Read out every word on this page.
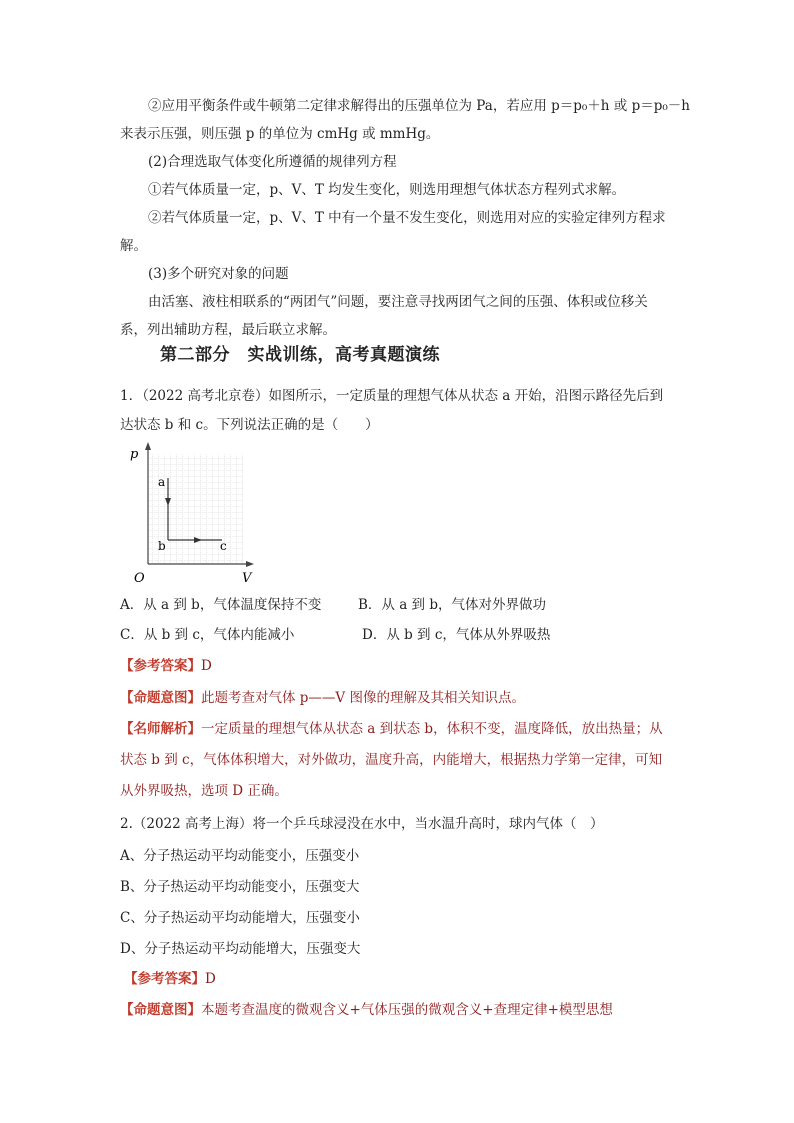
②应用平衡条件或牛顿第二定律求解得出的压强单位为 Pa，若应用 p＝p₀＋h 或 p＝p₀－h
来表示压强，则压强 p 的单位为 cmHg 或 mmHg。
(2)合理选取气体变化所遵循的规律列方程
①若气体质量一定，p、V、T 均发生变化，则选用理想气体状态方程列式求解。
②若气体质量一定，p、V、T 中有一个量不发生变化，则选用对应的实验定律列方程求
解。
(3)多个研究对象的问题
由活塞、液柱相联系的“两团气”问题，要注意寻找两团气之间的压强、体积或位移关
系，列出辅助方程，最后联立求解。
第二部分　实战训练，高考真题演练
1．（2022 高考北京卷）如图所示，一定质量的理想气体从状态 a 开始，沿图示路径先后到
达状态 b 和 c。下列说法正确的是（　　）
p
V
O
a
b	c
A．从 a 到 b，气体温度保持不变	B．从 a 到 b，气体对外界做功
C．从 b 到 c，气体内能减小	D．从 b 到 c，气体从外界吸热
【参考答案】D
【命题意图】此题考查对气体 p——V 图像的理解及其相关知识点。
【名师解析】一定质量的理想气体从状态 a 到状态 b，体积不变，温度降低，放出热量；从
状态 b 到 c，气体体积增大，对外做功，温度升高，内能增大，根据热力学第一定律，可知
从外界吸热，选项 D 正确。
2.（2022 高考上海）将一个乒乓球浸没在水中，当水温升高时，球内气体（　）
A、分子热运动平均动能变小，压强变小
B、分子热运动平均动能变小，压强变大
C、分子热运动平均动能增大，压强变小
D、分子热运动平均动能增大，压强变大
【参考答案】D
【命题意图】本题考查温度的微观含义+气体压强的微观含义+查理定律+模型思想
